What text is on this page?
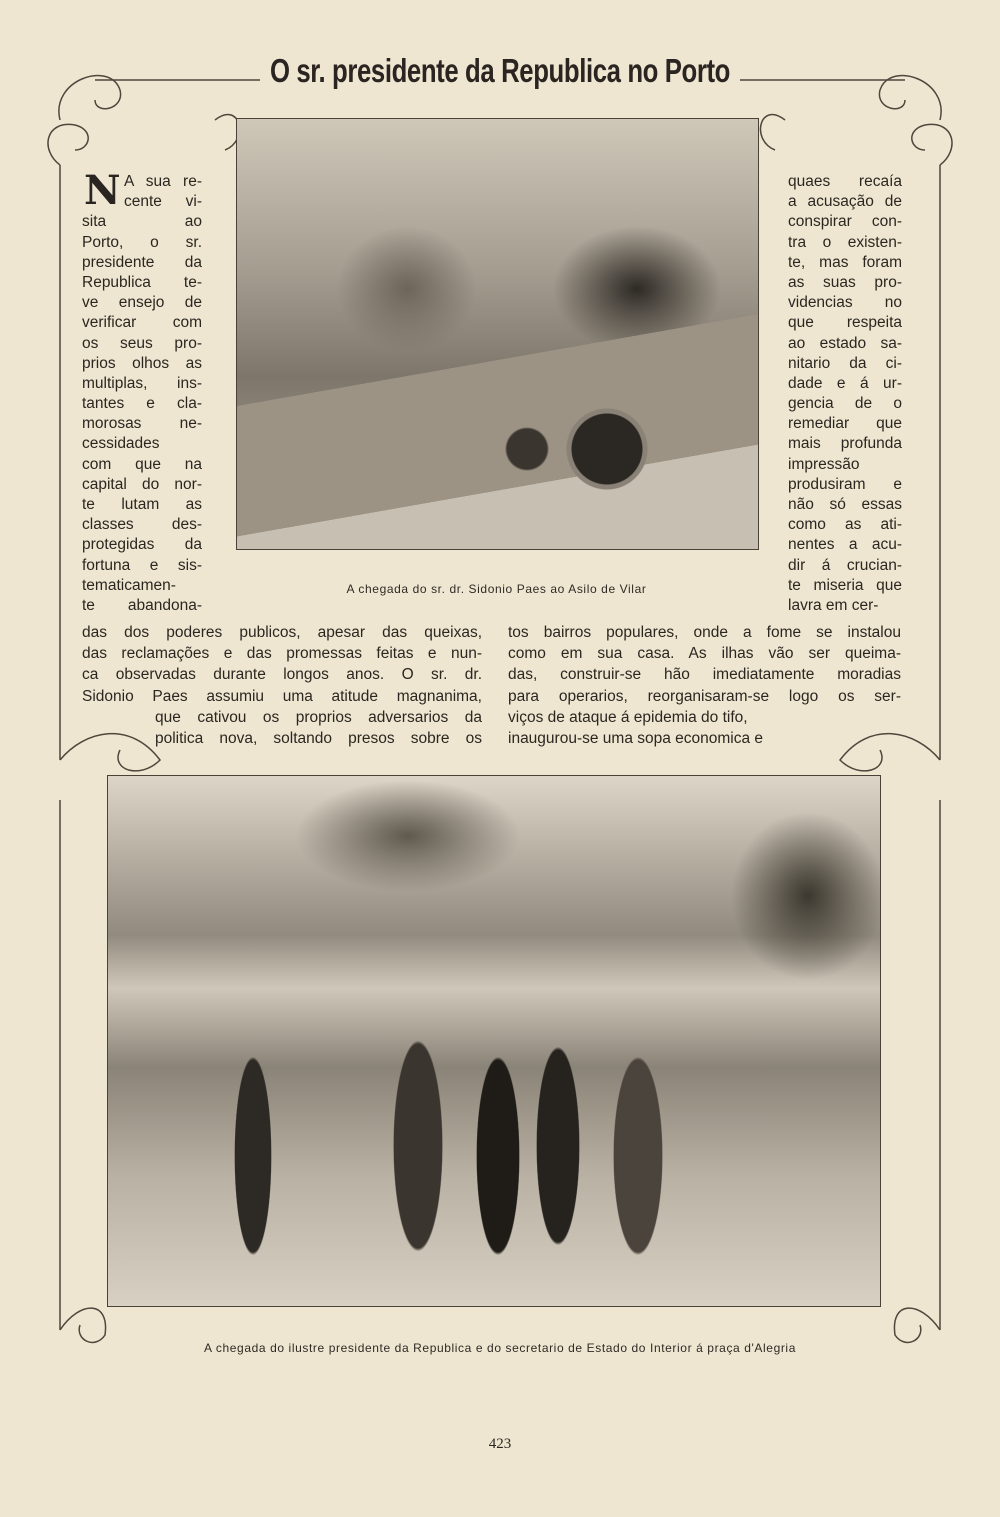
O sr. presidente da Republica no Porto
A chegada do sr. dr. Sidonio Paes ao Asilo de Vilar
N A sua re-
cente vi-
sita ao
Porto, o sr.
presidente da
Republica te-
ve ensejo de
verificar com
os seus pro-
prios olhos as
multiplas, ins-
tantes e cla-
morosas ne-
cessidades
com que na
capital do nor-
te lutam as
classes des-
protegidas da
fortuna e sis-
tematicamen-
te abandona-
quaes recaía
a acusação de
conspirar con-
tra o existen-
te, mas foram
as suas pro-
videncias no
que respeita
ao estado sa-
nitario da ci-
dade e á ur-
gencia de o
remediar que
mais profunda
impressão
produsiram e
não só essas
como as ati-
nentes a acu-
dir á crucian-
te miseria que
lavra em cer-
das dos poderes publicos, apesar das queixas,
das reclamações e das promessas feitas e nun-
ca observadas durante longos anos. O sr. dr.
Sidonio Paes assumiu uma atitude magnanima,
que cativou os proprios adversarios da
politica nova, soltando presos sobre os
tos bairros populares, onde a fome se instalou
como em sua casa. As ilhas vão ser queima-
das, construir-se hão imediatamente moradias
para operarios, reorganisaram-se logo os ser-
viços de ataque á epidemia do tifo,
inaugurou-se uma sopa economica e
A chegada do ilustre presidente da Republica e do secretario de Estado do Interior á praça d'Alegria
423
